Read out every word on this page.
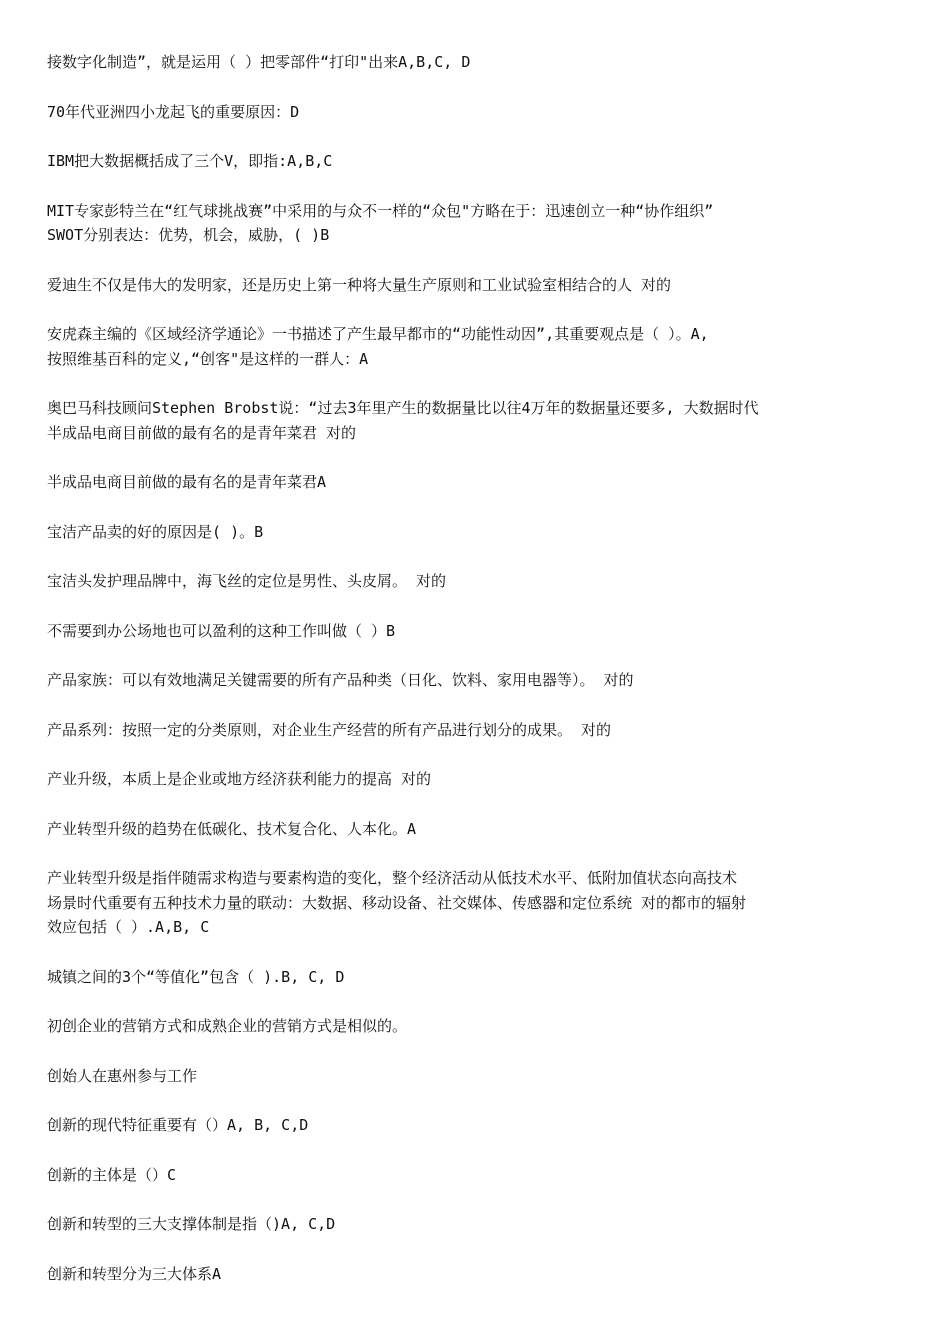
接数字化制造”，就是运用（ ）把零部件“打印"出来A,B,C, D
70年代亚洲四小龙起飞的重要原因：D
IBM把大数据概括成了三个V，即指:A,B,C
MIT专家彭特兰在“红气球挑战赛”中采用的与众不一样的“众包"方略在于：迅速创立一种“协作组织”
SWOT分别表达：优势，机会，威胁，( )B
爱迪生不仅是伟大的发明家，还是历史上第一种将大量生产原则和工业试验室相结合的人 对的
安虎森主编的《区域经济学通论》一书描述了产生最早都市的“功能性动因”,其重要观点是（ ）。A,
按照维基百科的定义,“创客"是这样的一群人：A
奥巴马科技顾问Stephen Brobst说：“过去3年里产生的数据量比以往4万年的数据量还要多, 大数据时代
半成品电商目前做的最有名的是青年菜君 对的
半成品电商目前做的最有名的是青年菜君A
宝洁产品卖的好的原因是( )。B
宝洁头发护理品牌中，海飞丝的定位是男性、头皮屑。 对的
不需要到办公场地也可以盈利的这种工作叫做（ ）B
产品家族：可以有效地满足关键需要的所有产品种类（日化、饮料、家用电器等）。 对的
产品系列：按照一定的分类原则，对企业生产经营的所有产品进行划分的成果。 对的
产业升级，本质上是企业或地方经济获利能力的提高 对的
产业转型升级的趋势在低碳化、技术复合化、人本化。A
产业转型升级是指伴随需求构造与要素构造的变化，整个经济活动从低技术水平、低附加值状态向高技术
场景时代重要有五种技术力量的联动：大数据、移动设备、社交媒体、传感器和定位系统 对的都市的辐射
效应包括（ ）.A,B, C
城镇之间的3个“等值化”包含（ ).B, C, D
初创企业的营销方式和成熟企业的营销方式是相似的。
创始人在惠州参与工作
创新的现代特征重要有（）A, B, C,D
创新的主体是（）C
创新和转型的三大支撑体制是指（)A, C,D
创新和转型分为三大体系A
